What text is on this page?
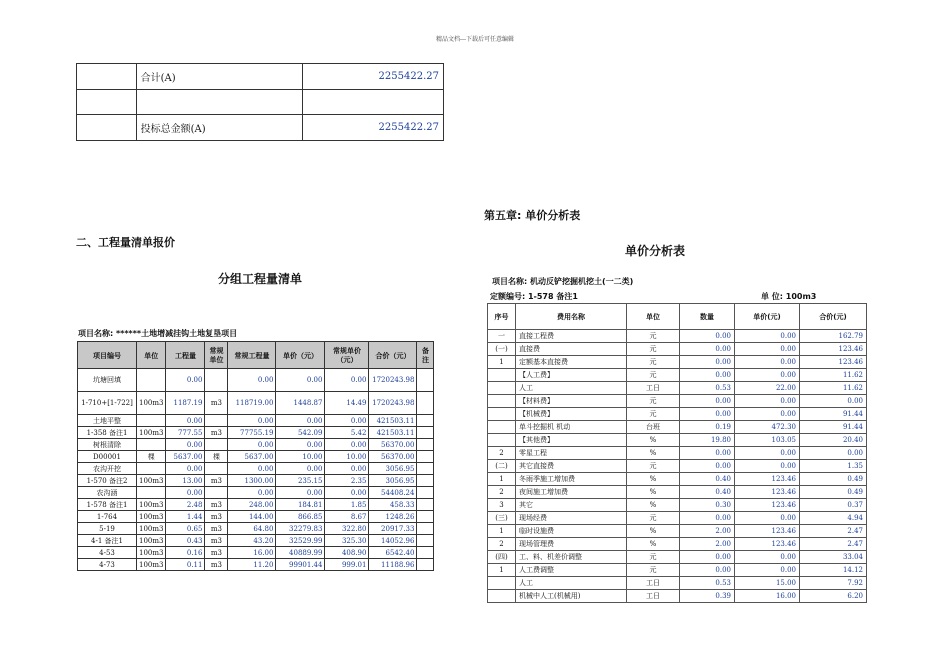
精品文档---下载后可任意编辑
	合计(A)	2255422.27

	投标总金额(A)	2255422.27
二、工程量清单报价
分组工程量清单
项目名称: ******土地增减挂钩土地复垦项目
项目编号	单位	工程量	常规单位	常规工程量	单价（元）	常规单价（元）	合价（元）	备注
坑塘回填		0.00		0.00	0.00	0.00	1720243.98	
1-710+[1-722]	100m3	1187.19	m3	118719.00	1448.87	14.49	1720243.98	
土地平整		0.00		0.00	0.00	0.00	421503.11	
1-358 备注1	100m3	777.55	m3	77755.19	542.09	5.42	421503.11	
树根清除		0.00		0.00	0.00	0.00	56370.00	
D00001	棵	5637.00	棵	5637.00	10.00	10.00	56370.00	
农沟开挖		0.00		0.00	0.00	0.00	3056.95	
1-570 备注2	100m3	13.00	m3	1300.00	235.15	2.35	3056.95	
农沟涵		0.00		0.00	0.00	0.00	54408.24	
1-578 备注1	100m3	2.48	m3	248.00	184.81	1.85	458.33	
1-764	100m3	1.44	m3	144.00	866.85	8.67	1248.26	
5-19	100m3	0.65	m3	64.80	32279.83	322.80	20917.33	
4-1 备注1	100m3	0.43	m3	43.20	32529.99	325.30	14052.96	
4-53	100m3	0.16	m3	16.00	40889.99	408.90	6542.40	
4-73	100m3	0.11	m3	11.20	99901.44	999.01	11188.96	
第五章: 单价分析表
单价分析表
项目名称: 机动反铲挖掘机挖土(一二类)
定额编号: 1-578 备注1	单 位: 100m3
序号	费用名称	单位	数量	单价(元)	合价(元)
一	直接工程费	元	0.00	0.00	162.79
(一)	直接费	元	0.00	0.00	123.46
1	定额基本直接费	元	0.00	0.00	123.46
	【人工费】	元	0.00	0.00	11.62
	人工	工日	0.53	22.00	11.62
	【材料费】	元	0.00	0.00	0.00
	【机械费】	元	0.00	0.00	91.44
	单斗挖掘机 机动	台班	0.19	472.30	91.44
	【其他费】	%	19.80	103.05	20.40
2	零星工程	%	0.00	0.00	0.00
(二)	其它直接费	元	0.00	0.00	1.35
1	冬雨季施工增加费	%	0.40	123.46	0.49
2	夜间施工增加费	%	0.40	123.46	0.49
3	其它	%	0.30	123.46	0.37
(三)	现场经费	元	0.00	0.00	4.94
1	临时设施费	%	2.00	123.46	2.47
2	现场管理费	%	2.00	123.46	2.47
(四)	工、料、机差价调整	元	0.00	0.00	33.04
1	人工费调整	元	0.00	0.00	14.12
	人工	工日	0.53	15.00	7.92
	机械中人工(机械用)	工日	0.39	16.00	6.20
